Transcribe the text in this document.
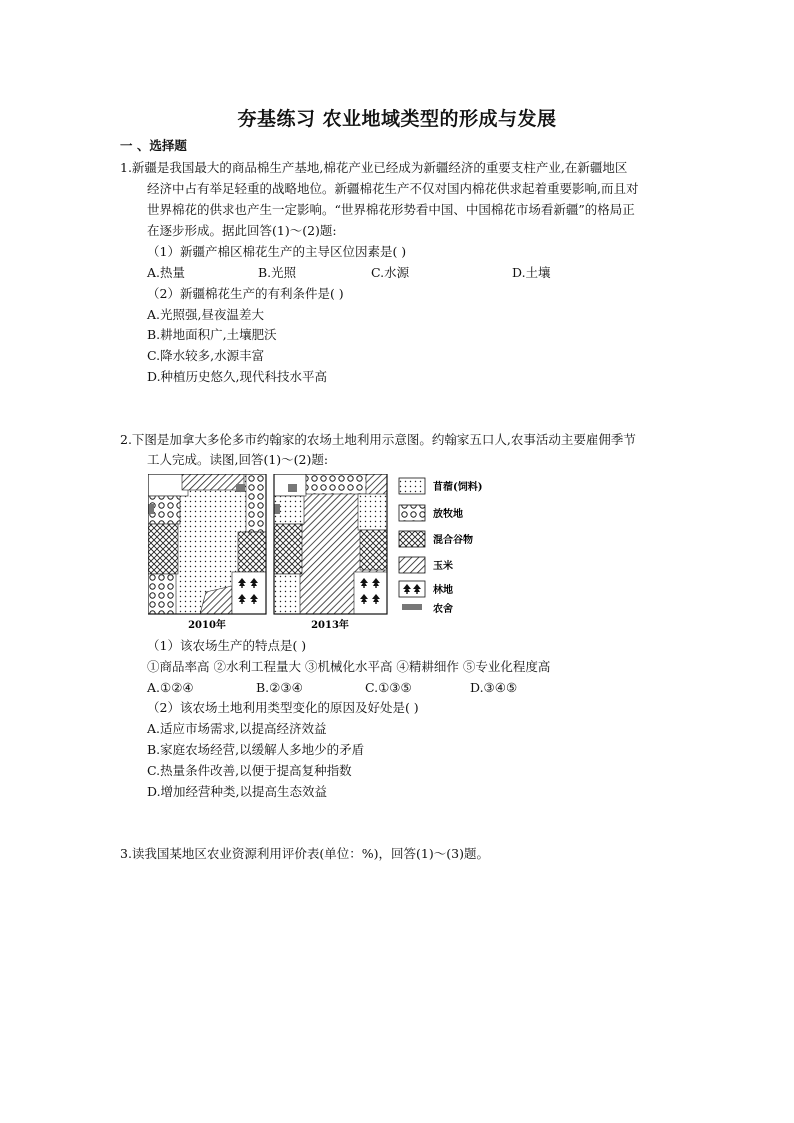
夯基练习 农业地域类型的形成与发展
一 、选择题
1.新疆是我国最大的商品棉生产基地,棉花产业已经成为新疆经济的重要支柱产业,在新疆地区
经济中占有举足轻重的战略地位。新疆棉花生产不仅对国内棉花供求起着重要影响,而且对
世界棉花的供求也产生一定影响。“世界棉花形势看中国、中国棉花市场看新疆”的格局正
在逐步形成。据此回答(1)～(2)题:
（1）新疆产棉区棉花生产的主导区位因素是( )
A.热量	B.光照	C.水源	D.土壤
（2）新疆棉花生产的有利条件是( )
A.光照强,昼夜温差大
B.耕地面积广,土壤肥沃
C.降水较多,水源丰富
D.种植历史悠久,现代科技水平高
2.下图是加拿大多伦多市约翰家的农场土地利用示意图。约翰家五口人,农事活动主要雇佣季节
工人完成。读图,回答(1)～(2)题:
2010年	2013年
苜蓿(饲料)
放牧地
混合谷物
玉米
林地
农舍
（1）该农场生产的特点是( )
①商品率高 ②水利工程量大 ③机械化水平高 ④精耕细作 ⑤专业化程度高
A.①②④	B.②③④	C.①③⑤	D.③④⑤
（2）该农场土地利用类型变化的原因及好处是( )
A.适应市场需求,以提高经济效益
B.家庭农场经营,以缓解人多地少的矛盾
C.热量条件改善,以便于提高复种指数
D.增加经营种类,以提高生态效益
3.读我国某地区农业资源利用评价表(单位：%)，回答(1)～(3)题。
